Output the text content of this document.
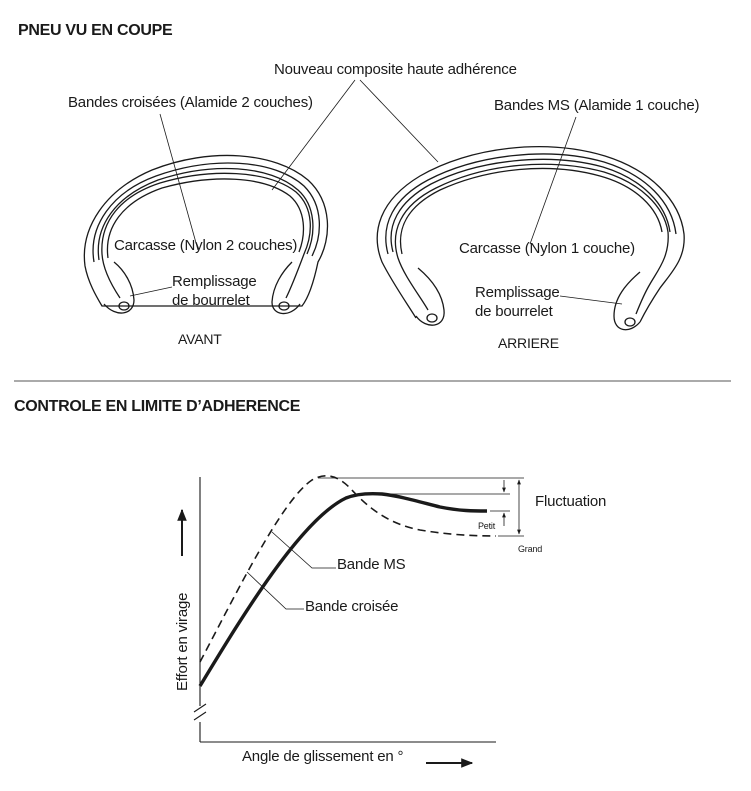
PNEU VU EN COUPE
Nouveau composite haute adhérence
Bandes croisées (Alamide 2 couches)	Bandes MS (Alamide 1 couche)
Carcasse (Nylon 2 couches)	Carcasse (Nylon 1 couche)
Remplissage
de bourrelet	Remplissage
de bourrelet
AVANT	ARRIERE
CONTROLE EN LIMITE D’ADHERENCE
Fluctuation
Petit
Grand
Bande MS
Bande croisée
Angle de glissement en °
Effort en virage
